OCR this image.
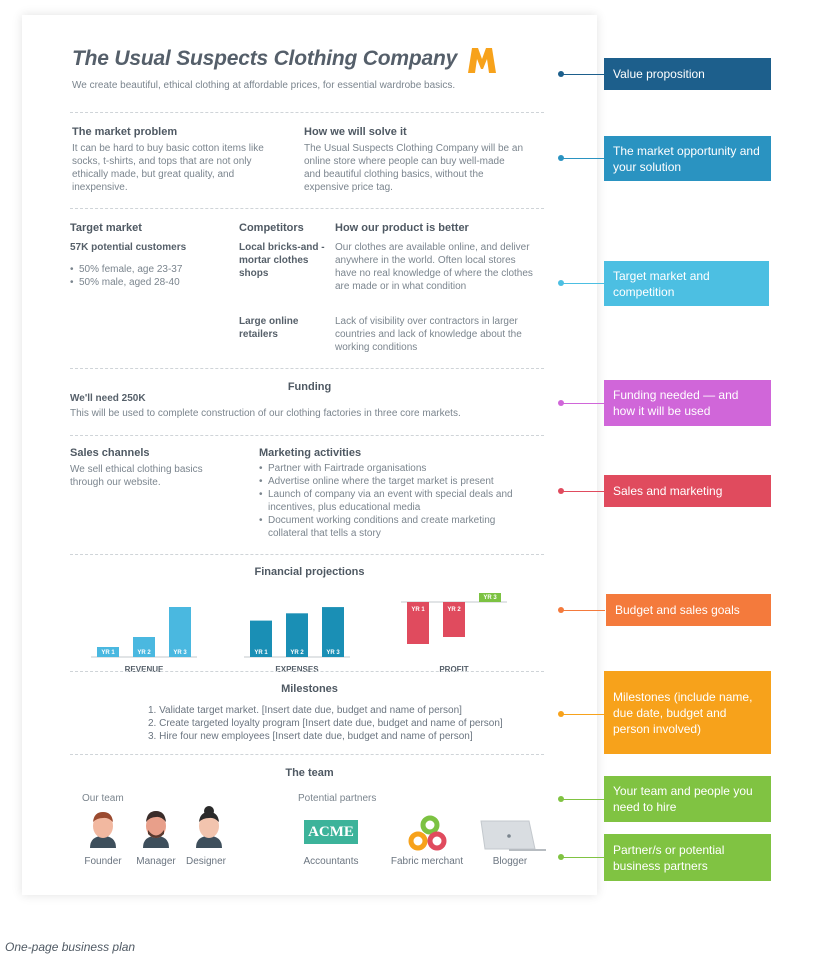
The Usual Suspects Clothing Company
We create beautiful, ethical clothing at affordable prices, for essential wardrobe basics.
The market problem
It can be hard to buy basic cotton items like socks, t-shirts, and tops that are not only ethically made, but great quality, and inexpensive.
How we will solve it
The Usual Suspects Clothing Company will be an online store where people can buy well-made and beautiful clothing basics, without the expensive price tag.
Target market
57K potential customers
• 50% female, age 23-37
• 50% male, aged 28-40
Competitors	How our product is better
Local bricks-and -mortar clothes shops
Our clothes are available online, and deliver anywhere in the world. Often local stores have no real knowledge of where the clothes are made or in what condition
Large online retailers
Lack of visibility over contractors in larger countries and lack of knowledge about the working conditions
Funding
We'll need 250K
This will be used to complete construction of our clothing factories in three core markets.
Sales channels
We sell ethical clothing basics through our website.
Marketing activities
• Partner with Fairtrade organisations
• Advertise online where the target market is present
• Launch of company via an event with special deals and incentives, plus educational media
• Document working conditions and create marketing collateral that tells a story
Financial projections
YR 1	YR 2	YR 3
REVENUE
YR 1	YR 2	YR 3
EXPENSES
YR 1	YR 2
YR 3
PROFIT
Milestones
1. Validate target market. [Insert date due, budget and name of person]
2. Create targeted loyalty program [Insert date due, budget and name of person]
3. Hire four new employees [Insert date due, budget and name of person]
The team
Our team	Potential partners
ACME
Founder	Manager	Designer	Accountants	Fabric merchant	Blogger
Value proposition
The market opportunity and your solution
Target market and competition
Funding needed — and how it will be used
Sales and marketing
Budget and sales goals
Milestones (include name, due date, budget and person involved)
Your team and people you need to hire
Partner/s or potential business partners
One-page business plan
